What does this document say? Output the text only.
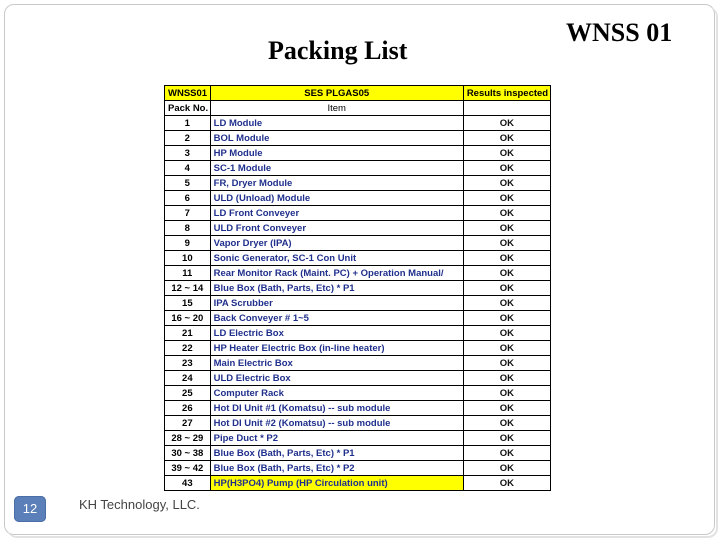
WNSS 01
Packing List
WNSS01	SES PLGAS05	Results inspected
Pack No.	Item	
1	LD Module	OK
2	BOL Module	OK
3	HP Module	OK
4	SC-1 Module	OK
5	FR, Dryer Module	OK
6	ULD (Unload) Module	OK
7	LD Front Conveyer	OK
8	ULD Front Conveyer	OK
9	Vapor Dryer (IPA)	OK
10	Sonic Generator, SC-1 Con Unit	OK
11	Rear Monitor Rack (Maint. PC) + Operation Manual/	OK
12 ~ 14	Blue Box (Bath, Parts, Etc) * P1	OK
15	IPA Scrubber	OK
16 ~ 20	Back Conveyer # 1~5	OK
21	LD Electric Box	OK
22	HP Heater Electric Box (in-line heater)	OK
23	Main Electric Box	OK
24	ULD Electric Box	OK
25	Computer Rack	OK
26	Hot DI Unit #1 (Komatsu) -- sub module	OK
27	Hot DI Unit #2 (Komatsu) -- sub module	OK
28 ~ 29	Pipe Duct * P2	OK
30 ~ 38	Blue Box (Bath, Parts, Etc) * P1	OK
39 ~ 42	Blue Box (Bath, Parts, Etc) * P2	OK
43	HP(H3PO4) Pump (HP Circulation unit)	OK
12	KH Technology, LLC.
